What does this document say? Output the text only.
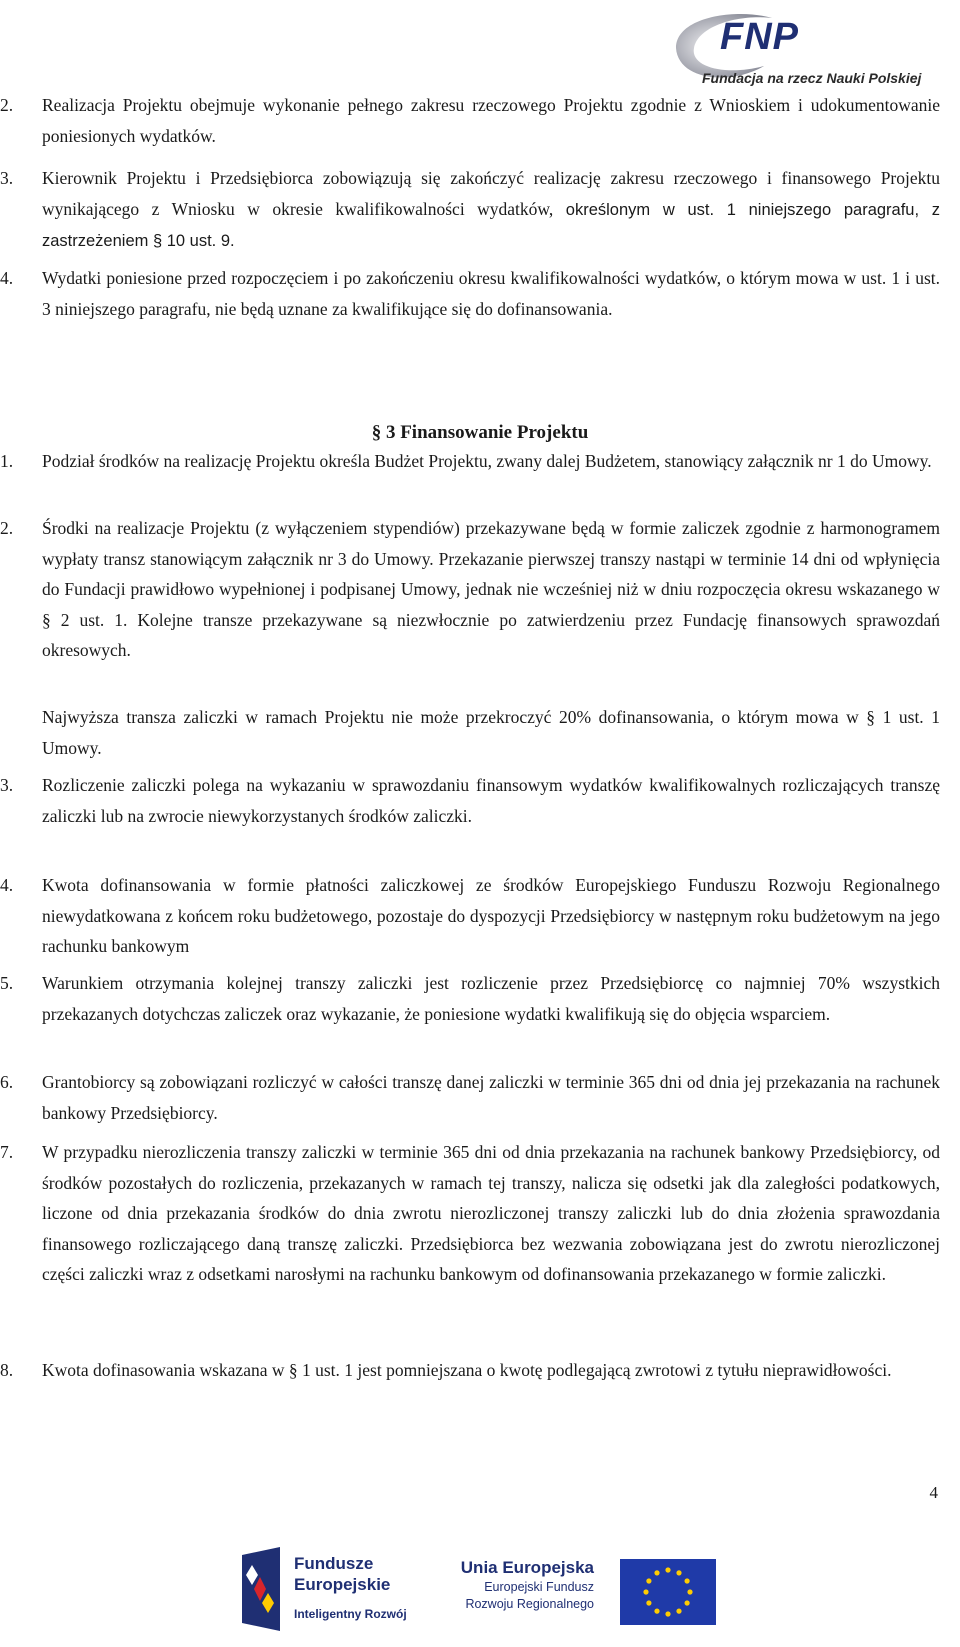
FNP
Fundacja na rzecz Nauki Polskiej
2.	Realizacja Projektu obejmuje wykonanie pełnego zakresu rzeczowego Projektu zgodnie z Wnioskiem i udokumentowanie poniesionych wydatków.
3.	Kierownik Projektu i Przedsiębiorca zobowiązują się zakończyć realizację zakresu rzeczowego i finansowego Projektu wynikającego z Wniosku w okresie kwalifikowalności wydatków, określonym w ust. 1 niniejszego paragrafu, z zastrzeżeniem § 10 ust. 9.
4.	Wydatki poniesione przed rozpoczęciem i po zakończeniu okresu kwalifikowalności wydatków, o którym mowa w ust. 1 i ust. 3 niniejszego paragrafu, nie będą uznane za kwalifikujące się do dofinansowania.
§ 3 Finansowanie Projektu
1.	Podział środków na realizację Projektu określa Budżet Projektu, zwany dalej Budżetem, stanowiący załącznik nr 1 do Umowy.
2.	Środki na realizacje Projektu (z wyłączeniem stypendiów) przekazywane będą w formie zaliczek zgodnie z harmonogramem wypłaty transz stanowiącym załącznik nr 3 do Umowy. Przekazanie pierwszej transzy nastąpi w terminie 14 dni od wpłynięcia do Fundacji prawidłowo wypełnionej i podpisanej Umowy, jednak nie wcześniej niż w dniu rozpoczęcia okresu wskazanego w § 2 ust. 1. Kolejne transze przekazywane są niezwłocznie po zatwierdzeniu przez Fundację finansowych sprawozdań okresowych.
Najwyższa transza zaliczki w ramach Projektu nie może przekroczyć 20% dofinansowania, o którym mowa w § 1 ust. 1 Umowy.
3.	Rozliczenie zaliczki polega na wykazaniu w sprawozdaniu finansowym wydatków kwalifikowalnych rozliczających transzę zaliczki lub na zwrocie niewykorzystanych środków zaliczki.
4.	Kwota dofinansowania w formie płatności zaliczkowej ze środków Europejskiego Funduszu Rozwoju Regionalnego niewydatkowana z końcem roku budżetowego, pozostaje do dyspozycji Przedsiębiorcy w następnym roku budżetowym na jego rachunku bankowym
5.	Warunkiem otrzymania kolejnej transzy zaliczki jest rozliczenie przez Przedsiębiorcę co najmniej 70% wszystkich przekazanych dotychczas zaliczek oraz wykazanie, że poniesione wydatki kwalifikują się do objęcia wsparciem.
6.	Grantobiorcy są zobowiązani rozliczyć w całości transzę danej zaliczki w terminie 365 dni od dnia jej przekazania na rachunek bankowy Przedsiębiorcy.
7.	W przypadku nierozliczenia transzy zaliczki w terminie 365 dni od dnia przekazania na rachunek bankowy Przedsiębiorcy, od środków pozostałych do rozliczenia, przekazanych w ramach tej transzy, nalicza się odsetki jak dla zaległości podatkowych, liczone od dnia przekazania środków do dnia zwrotu nierozliczonej transzy zaliczki lub do dnia złożenia sprawozdania finansowego rozliczającego daną transzę zaliczki. Przedsiębiorca bez wezwania zobowiązana jest do zwrotu nierozliczonej części zaliczki wraz z odsetkami narosłymi na rachunku bankowym od dofinansowania przekazanego w formie zaliczki.
8.	Kwota dofinasowania wskazana w § 1 ust. 1 jest pomniejszana o kwotę podlegającą zwrotowi z tytułu nieprawidłowości.
4
Fundusze
Europejskie
Inteligentny Rozwój
Unia Europejska
Europejski Fundusz
Rozwoju Regionalnego
